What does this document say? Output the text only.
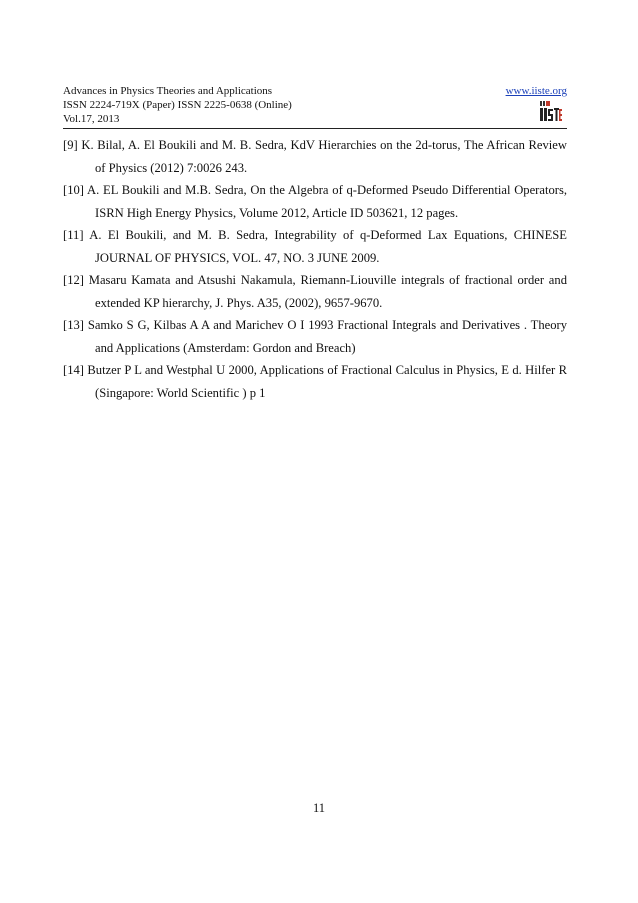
Advances in Physics Theories and Applications
ISSN 2224-719X (Paper) ISSN 2225-0638 (Online)
Vol.17, 2013
www.iiste.org
[9] K. Bilal, A. El Boukili and M. B. Sedra, KdV Hierarchies on the 2d-torus, The African Review of Physics (2012) 7:0026 243.
[10] A. EL Boukili and M.B. Sedra, On the Algebra of q-Deformed Pseudo Differential Operators, ISRN High Energy Physics, Volume 2012, Article ID 503621, 12 pages.
[11] A. El Boukili, and M. B. Sedra, Integrability of q-Deformed Lax Equations, CHINESE JOURNAL OF PHYSICS, VOL. 47, NO. 3 JUNE 2009.
[12] Masaru Kamata and Atsushi Nakamula, Riemann-Liouville integrals of fractional order and extended KP hierarchy, J. Phys. A35, (2002), 9657-9670.
[13] Samko S G, Kilbas A A and Marichev O I 1993 Fractional Integrals and Derivatives . Theory and Applications (Amsterdam: Gordon and Breach)
[14] Butzer P L and Westphal U 2000, Applications of Fractional Calculus in Physics, E d. Hilfer R (Singapore: World Scientific ) p 1
11
